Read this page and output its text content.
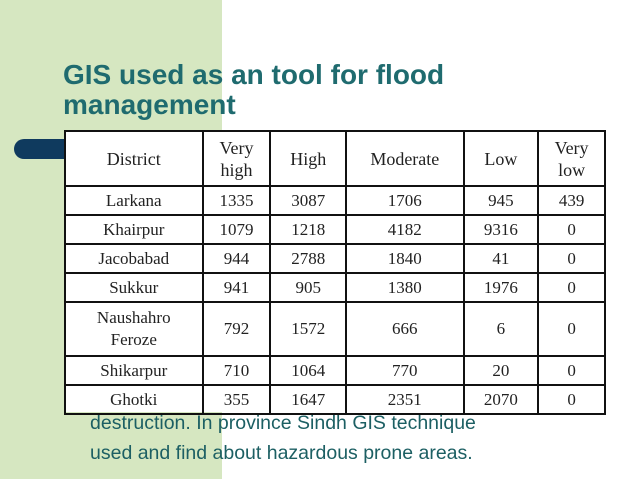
GIS used as an tool for flood management
destruction. In province Sindh GIS technique
used and find about hazardous prone areas.
District	Very high	High	Moderate	Low	Very low
Larkana	1335	3087	1706	945	439
Khairpur	1079	1218	4182	9316	0
Jacobabad	944	2788	1840	41	0
Sukkur	941	905	1380	1976	0
Naushahro Feroze	792	1572	666	6	0
Shikarpur	710	1064	770	20	0
Ghotki	355	1647	2351	2070	0
